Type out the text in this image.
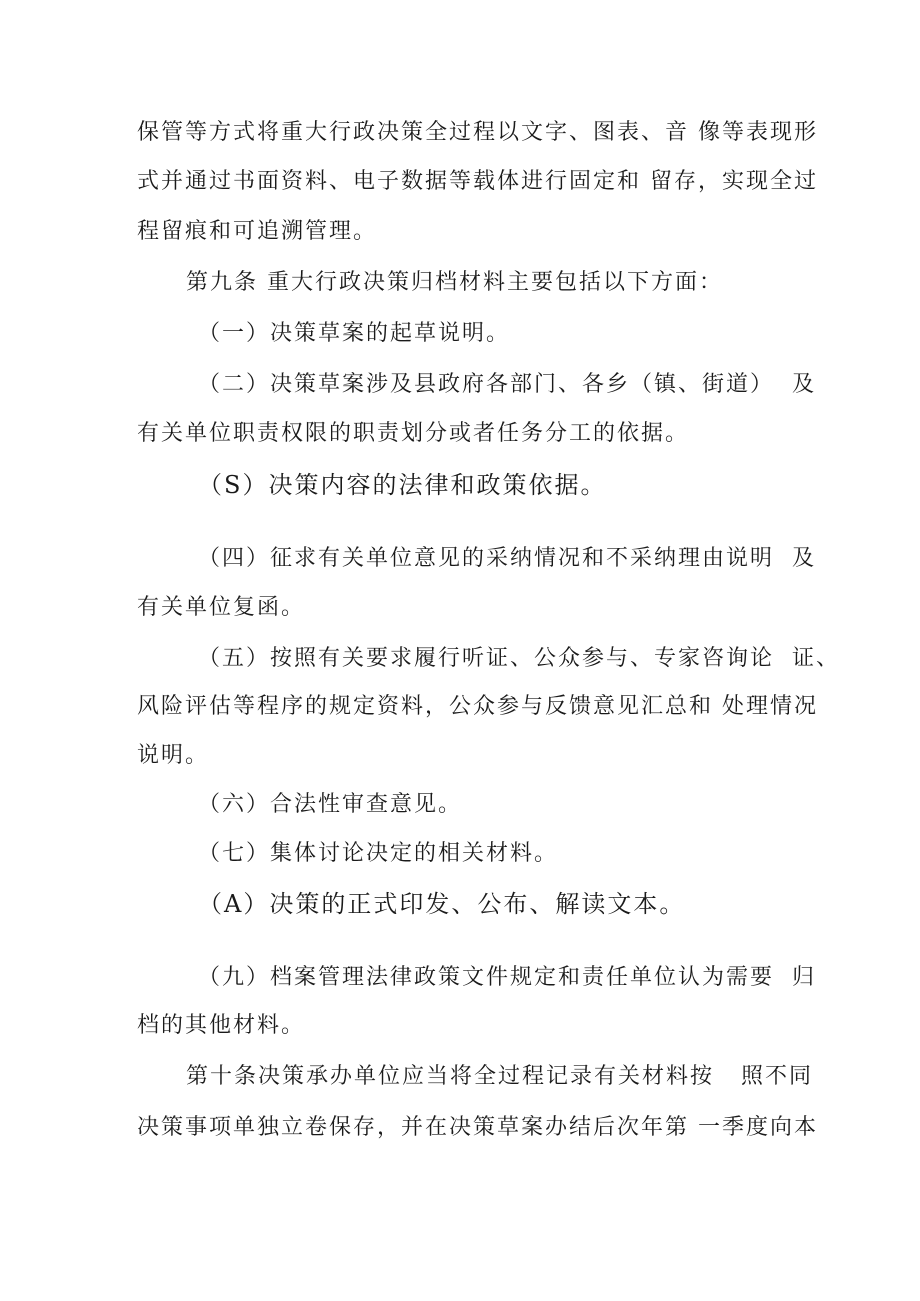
保管等方式将重大行政决策全过程以文字、图表、音 像等表现形

式并通过书面资料、电子数据等载体进行固定和 留存，实现全过

程留痕和可追溯管理。

第九条 重大行政决策归档材料主要包括以下方面：

（一）决策草案的起草说明。

（二）决策草案涉及县政府各部门、各乡（镇、街道）  及

有关单位职责权限的职责划分或者任务分工的依据。

（S）决策内容的法律和政策依据。

（四）征求有关单位意见的采纳情况和不采纳理由说明  及

有关单位复函。

（五）按照有关要求履行听证、公众参与、专家咨询论  证、

风险评估等程序的规定资料，公众参与反馈意见汇总和 处理情况

说明。

（六）合法性审查意见。

（七）集体讨论决定的相关材料。

（A）决策的正式印发、公布、解读文本。

（九）档案管理法律政策文件规定和责任单位认为需要  归

档的其他材料。

第十条决策承办单位应当将全过程记录有关材料按   照不同

决策事项单独立卷保存，并在决策草案办结后次年第 一季度向本
